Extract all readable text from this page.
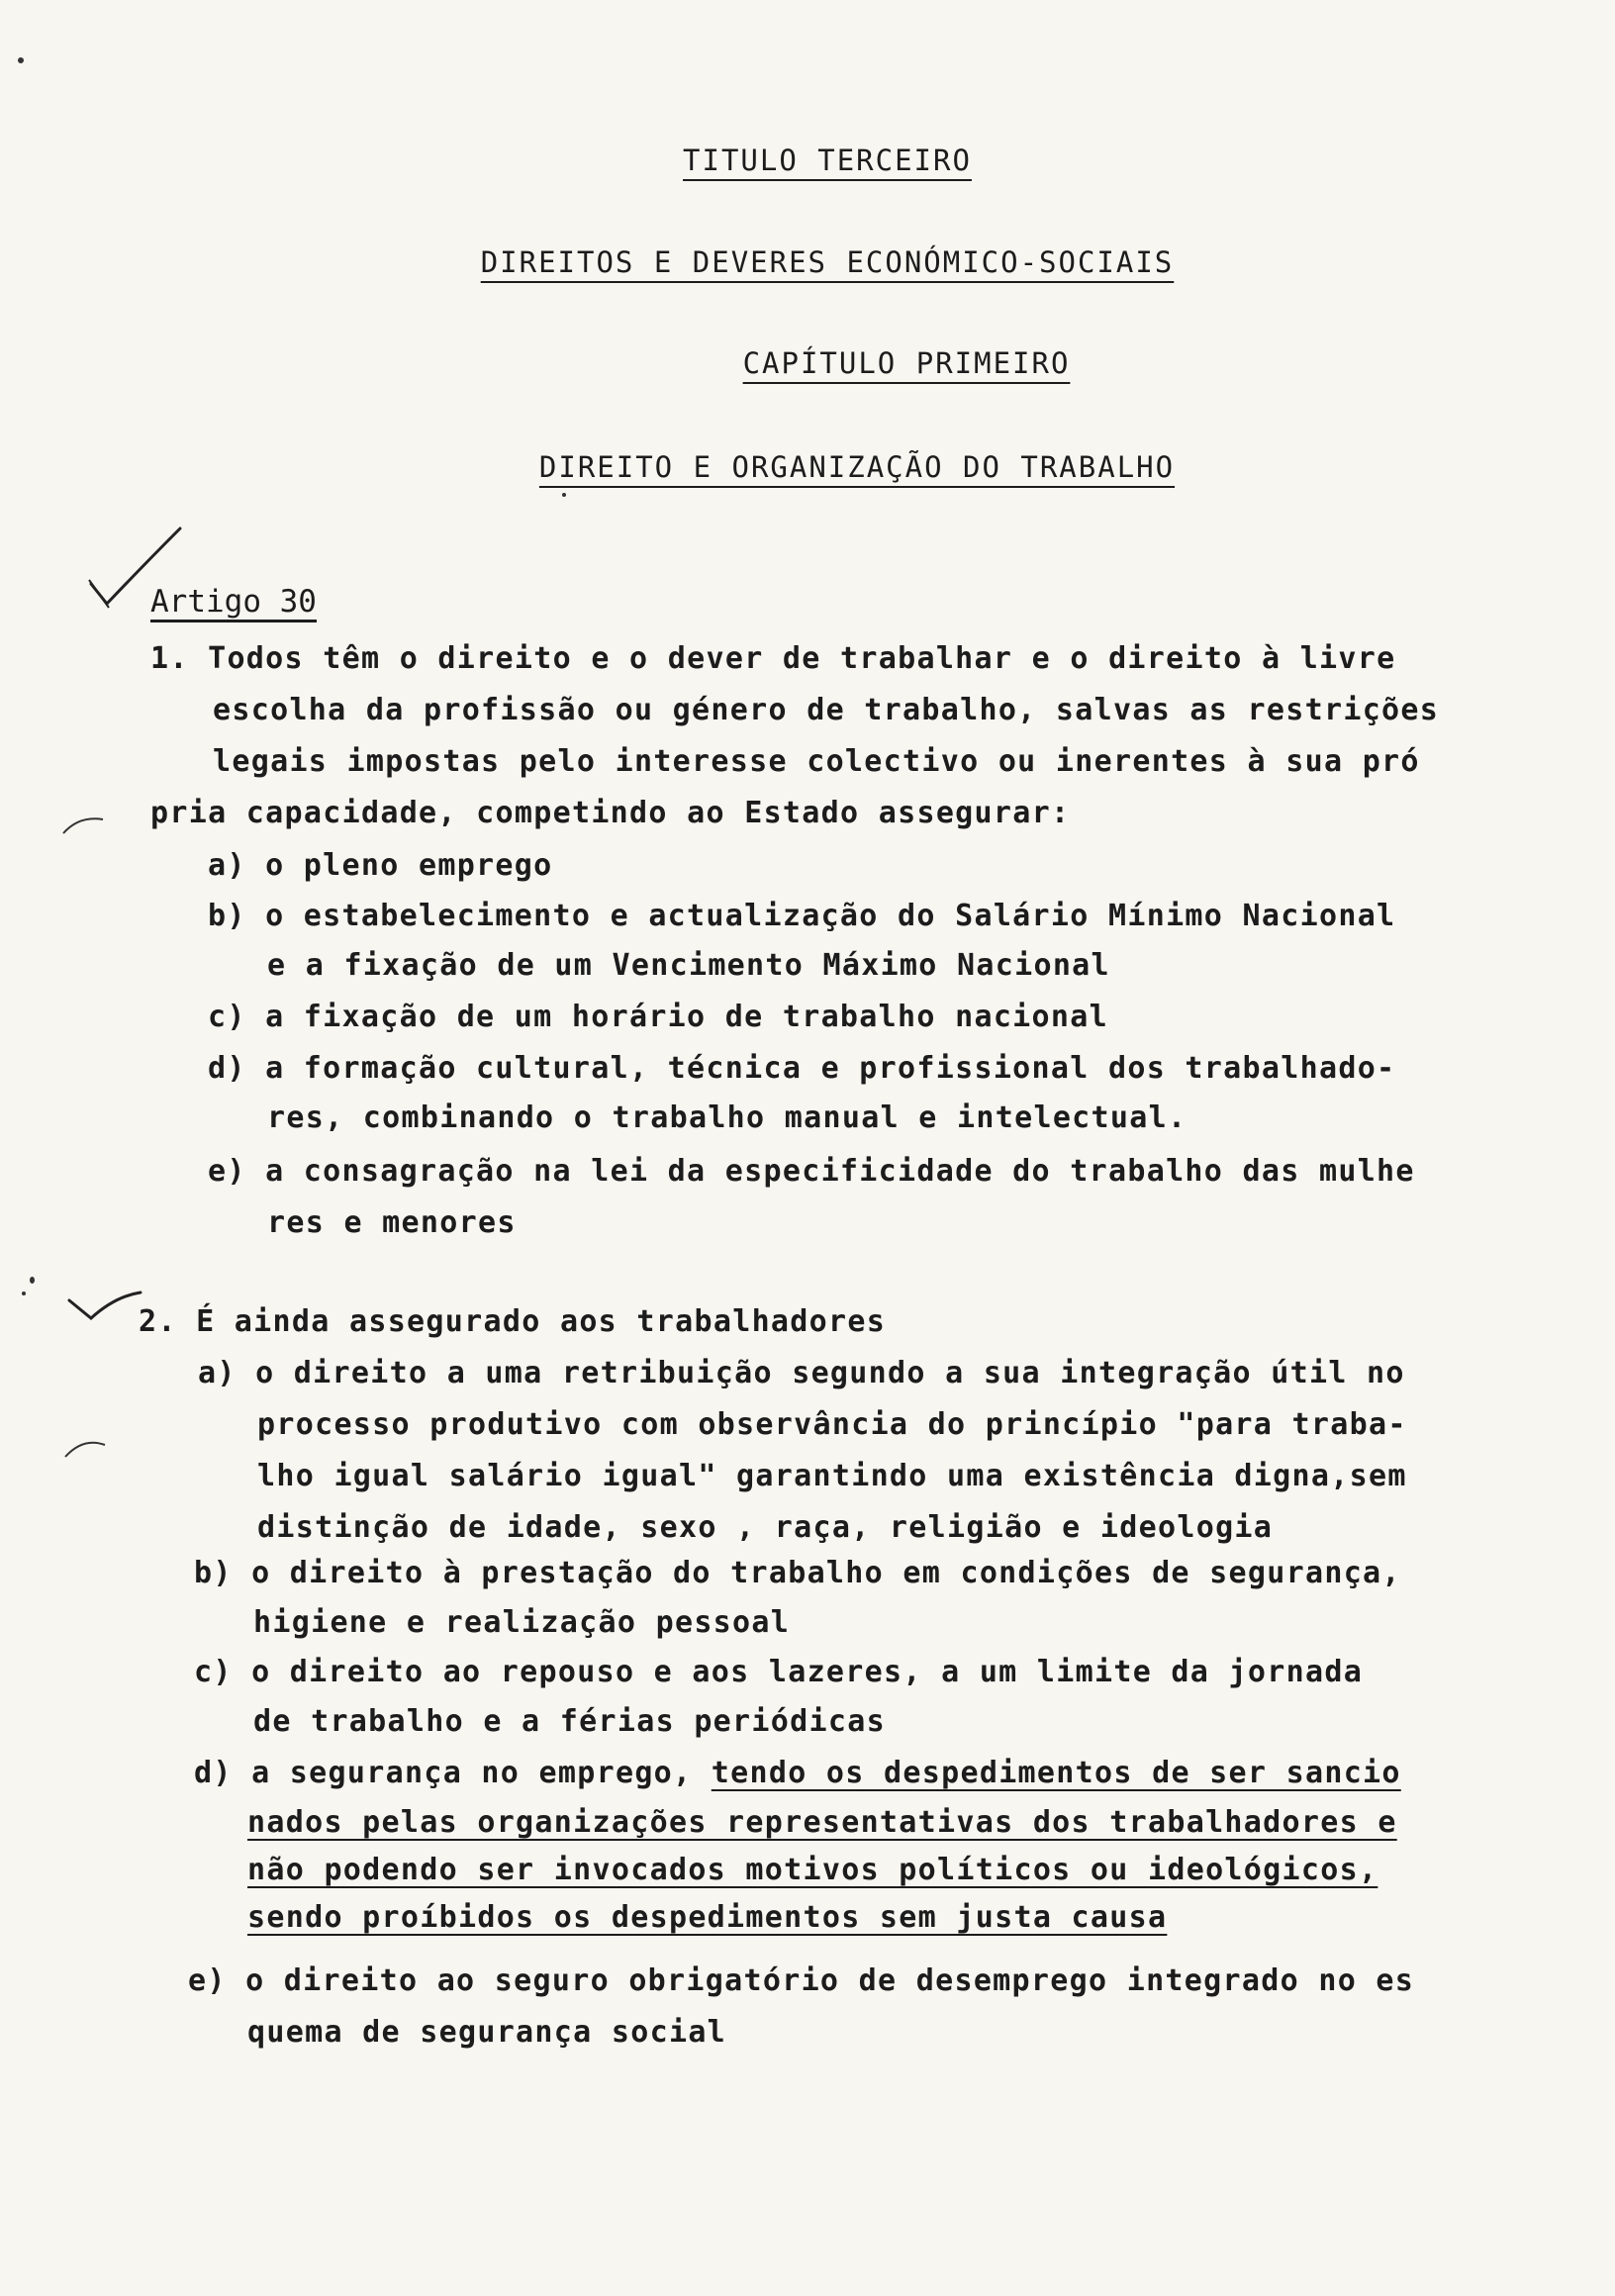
TITULO TERCEIRO
DIREITOS E DEVERES ECONÓMICO-SOCIAIS
CAPÍTULO PRIMEIRO
DIREITO E ORGANIZAÇÃO DO TRABALHO
Artigo 30
1. Todos têm o direito e o dever de trabalhar e o direito à livre
escolha da profissão ou género de trabalho, salvas as restrições
legais impostas pelo interesse colectivo ou inerentes à sua pró
pria capacidade, competindo ao Estado assegurar:
a) o pleno emprego
b) o estabelecimento e actualização do Salário Mínimo Nacional
e a fixação de um Vencimento Máximo Nacional
c) a fixação de um horário de trabalho nacional
d) a formação cultural, técnica e profissional dos trabalhado-
res, combinando o trabalho manual e intelectual.
e) a consagração na lei da especificidade do trabalho das mulhe
res e menores
2. É ainda assegurado aos trabalhadores
a) o direito a uma retribuição segundo a sua integração útil no
processo produtivo com observância do princípio "para traba-
lho igual salário igual" garantindo uma existência digna,sem
distinção de idade, sexo , raça, religião e ideologia
b) o direito à prestação do trabalho em condições de segurança,
higiene e realização pessoal
c) o direito ao repouso e aos lazeres, a um limite da jornada
de trabalho e a férias periódicas
d) a segurança no emprego, tendo os despedimentos de ser sancio
nados pelas organizações representativas dos trabalhadores e
não podendo ser invocados motivos políticos ou ideológicos,
sendo proíbidos os despedimentos sem justa causa
e) o direito ao seguro obrigatório de desemprego integrado no es
quema de segurança social
